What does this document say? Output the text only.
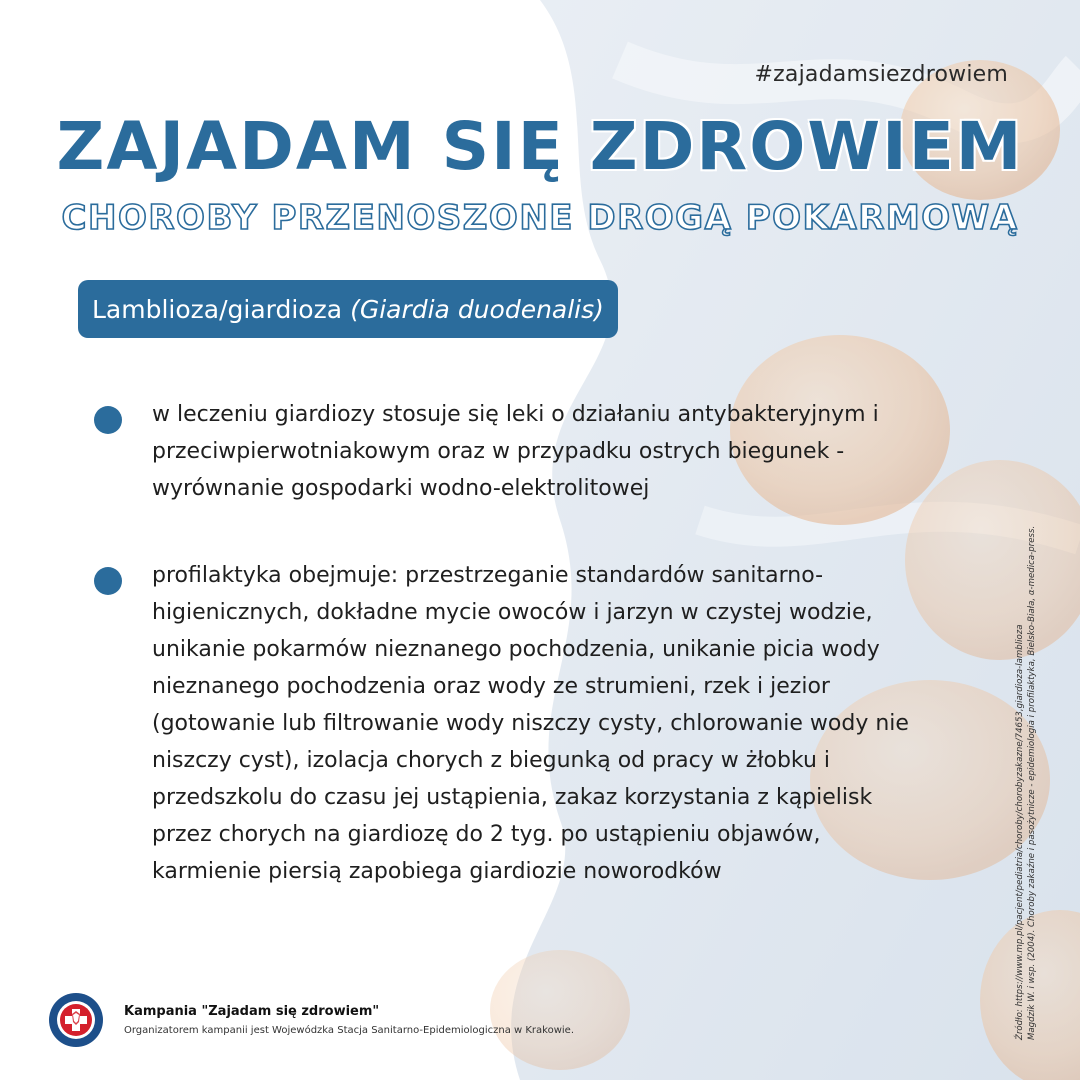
#zajadamsiezdrowiem
ZAJADAM SIĘ ZDROWIEM
CHOROBY PRZENOSZONE DROGĄ POKARMOWĄ
Lamblioza/giardioza (Giardia duodenalis)
w leczeniu giardiozy stosuje się leki o działaniu antybakteryjnym i przeciwpierwotniakowym oraz w przypadku ostrych biegunek - wyrównanie gospodarki wodno-elektrolitowej
profilaktyka obejmuje: przestrzeganie standardów sanitarno-higienicznych, dokładne mycie owoców i jarzyn w czystej wodzie, unikanie pokarmów nieznanego pochodzenia, unikanie picia wody nieznanego pochodzenia oraz wody ze strumieni, rzek i jezior (gotowanie lub filtrowanie wody niszczy cysty, chlorowanie wody nie niszczy cyst), izolacja chorych z biegunką od pracy w żłobku i przedszkolu do czasu jej ustąpienia, zakaz korzystania z kąpielisk przez chorych na giardiozę do 2 tyg. po ustąpieniu objawów, karmienie piersią zapobiega giardiozie noworodków	Źródło: https://www.mp.pl/pacjent/pediatria/choroby/chorobyzakazne/74653,giardioza-lamblioza Magdzik W. i wsp. (2004). Choroby zakaźne i pasożytnicze - epidemiologia i profilaktyka, Bielsko-Biała, α-medica-press.
Kampania "Zajadam się zdrowiem"
Organizatorem kampanii jest Wojewódzka Stacja Sanitarno-Epidemiologiczna w Krakowie.
